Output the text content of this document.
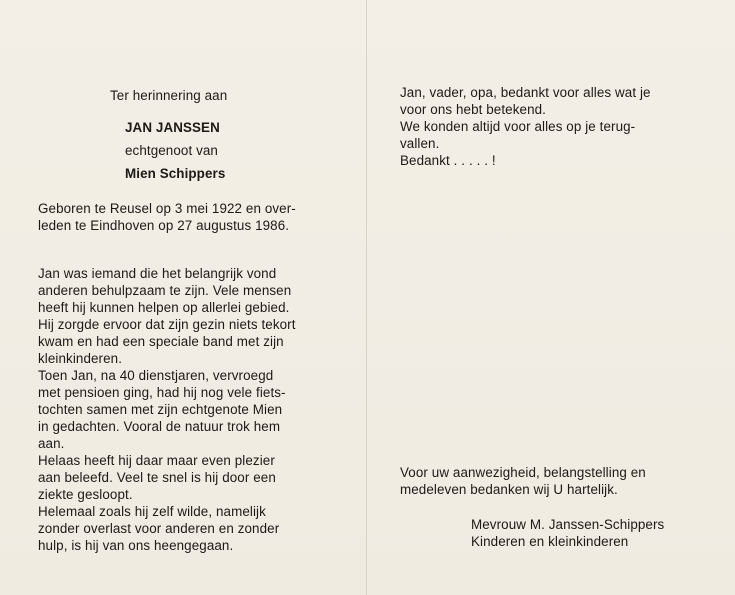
Ter herinnering aan
JAN JANSSEN
echtgenoot van
Mien Schippers
Geboren te Reusel op 3 mei 1922 en over-
leden te Eindhoven op 27 augustus 1986.
Jan was iemand die het belangrijk vond
anderen behulpzaam te zijn. Vele mensen
heeft hij kunnen helpen op allerlei gebied.
Hij zorgde ervoor dat zijn gezin niets tekort
kwam en had een speciale band met zijn
kleinkinderen.
Toen Jan, na 40 dienstjaren, vervroegd
met pensioen ging, had hij nog vele fiets-
tochten samen met zijn echtgenote Mien
in gedachten. Vooral de natuur trok hem
aan.
Helaas heeft hij daar maar even plezier
aan beleefd. Veel te snel is hij door een
ziekte gesloopt.
Helemaal zoals hij zelf wilde, namelijk
zonder overlast voor anderen en zonder
hulp, is hij van ons heengegaan.
Jan, vader, opa, bedankt voor alles wat je
voor ons hebt betekend.
We konden altijd voor alles op je terug-
vallen.
Bedankt . . . . . !
Voor uw aanwezigheid, belangstelling en
medeleven bedanken wij U hartelijk.
Mevrouw M. Janssen-Schippers
Kinderen en kleinkinderen
